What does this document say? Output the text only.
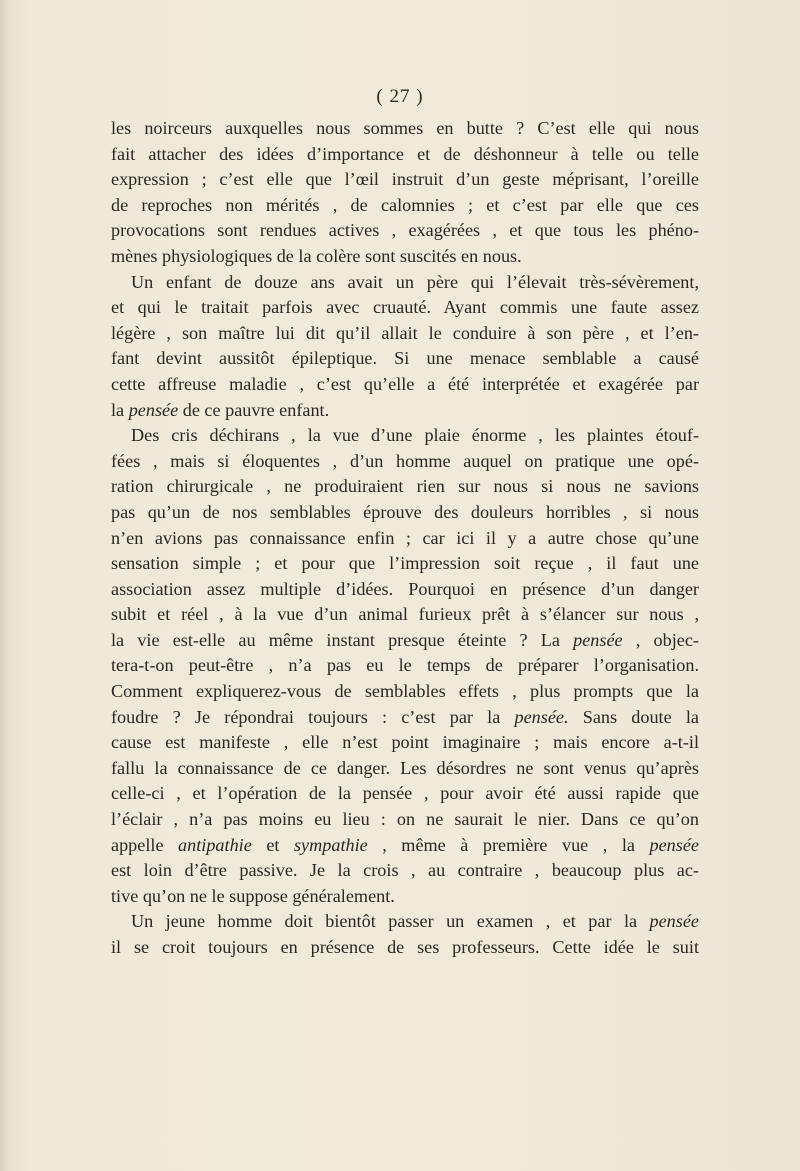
( 27 )
les noirceurs auxquelles nous sommes en butte ? C’est elle qui nous
fait attacher des idées d’importance et de déshonneur à telle ou telle
expression ; c’est elle que l’œil instruit d’un geste méprisant, l’oreille
de reproches non mérités , de calomnies ; et c’est par elle que ces
provocations sont rendues actives , exagérées , et que tous les phéno-
mènes physiologiques de la colère sont suscités en nous.
Un enfant de douze ans avait un père qui l’élevait très-sévèrement,
et qui le traitait parfois avec cruauté. Ayant commis une faute assez
légère , son maître lui dit qu’il allait le conduire à son père , et l’en-
fant devint aussitôt épileptique. Si une menace semblable a causé
cette affreuse maladie , c’est qu’elle a été interprétée et exagérée par
la pensée de ce pauvre enfant.
Des cris déchirans , la vue d’une plaie énorme , les plaintes étouf-
fées , mais si éloquentes , d’un homme auquel on pratique une opé-
ration chirurgicale , ne produiraient rien sur nous si nous ne savions
pas qu’un de nos semblables éprouve des douleurs horribles , si nous
n’en avions pas connaissance enfin ; car ici il y a autre chose qu’une
sensation simple ; et pour que l’impression soit reçue , il faut une
association assez multiple d’idées. Pourquoi en présence d’un danger
subit et réel , à la vue d’un animal furieux prêt à s’élancer sur nous ,
la vie est-elle au même instant presque éteinte ? La pensée , objec-
tera-t-on peut-être , n’a pas eu le temps de préparer l’organisation.
Comment expliquerez-vous de semblables effets , plus prompts que la
foudre ? Je répondrai toujours : c’est par la pensée. Sans doute la
cause est manifeste , elle n’est point imaginaire ; mais encore a-t-il
fallu la connaissance de ce danger. Les désordres ne sont venus qu’après
celle-ci , et l’opération de la pensée , pour avoir été aussi rapide que
l’éclair , n’a pas moins eu lieu : on ne saurait le nier. Dans ce qu’on
appelle antipathie et sympathie , même à première vue , la pensée
est loin d’être passive. Je la crois , au contraire , beaucoup plus ac-
tive qu’on ne le suppose généralement.
Un jeune homme doit bientôt passer un examen , et par la pensée
il se croit toujours en présence de ses professeurs. Cette idée le suit
